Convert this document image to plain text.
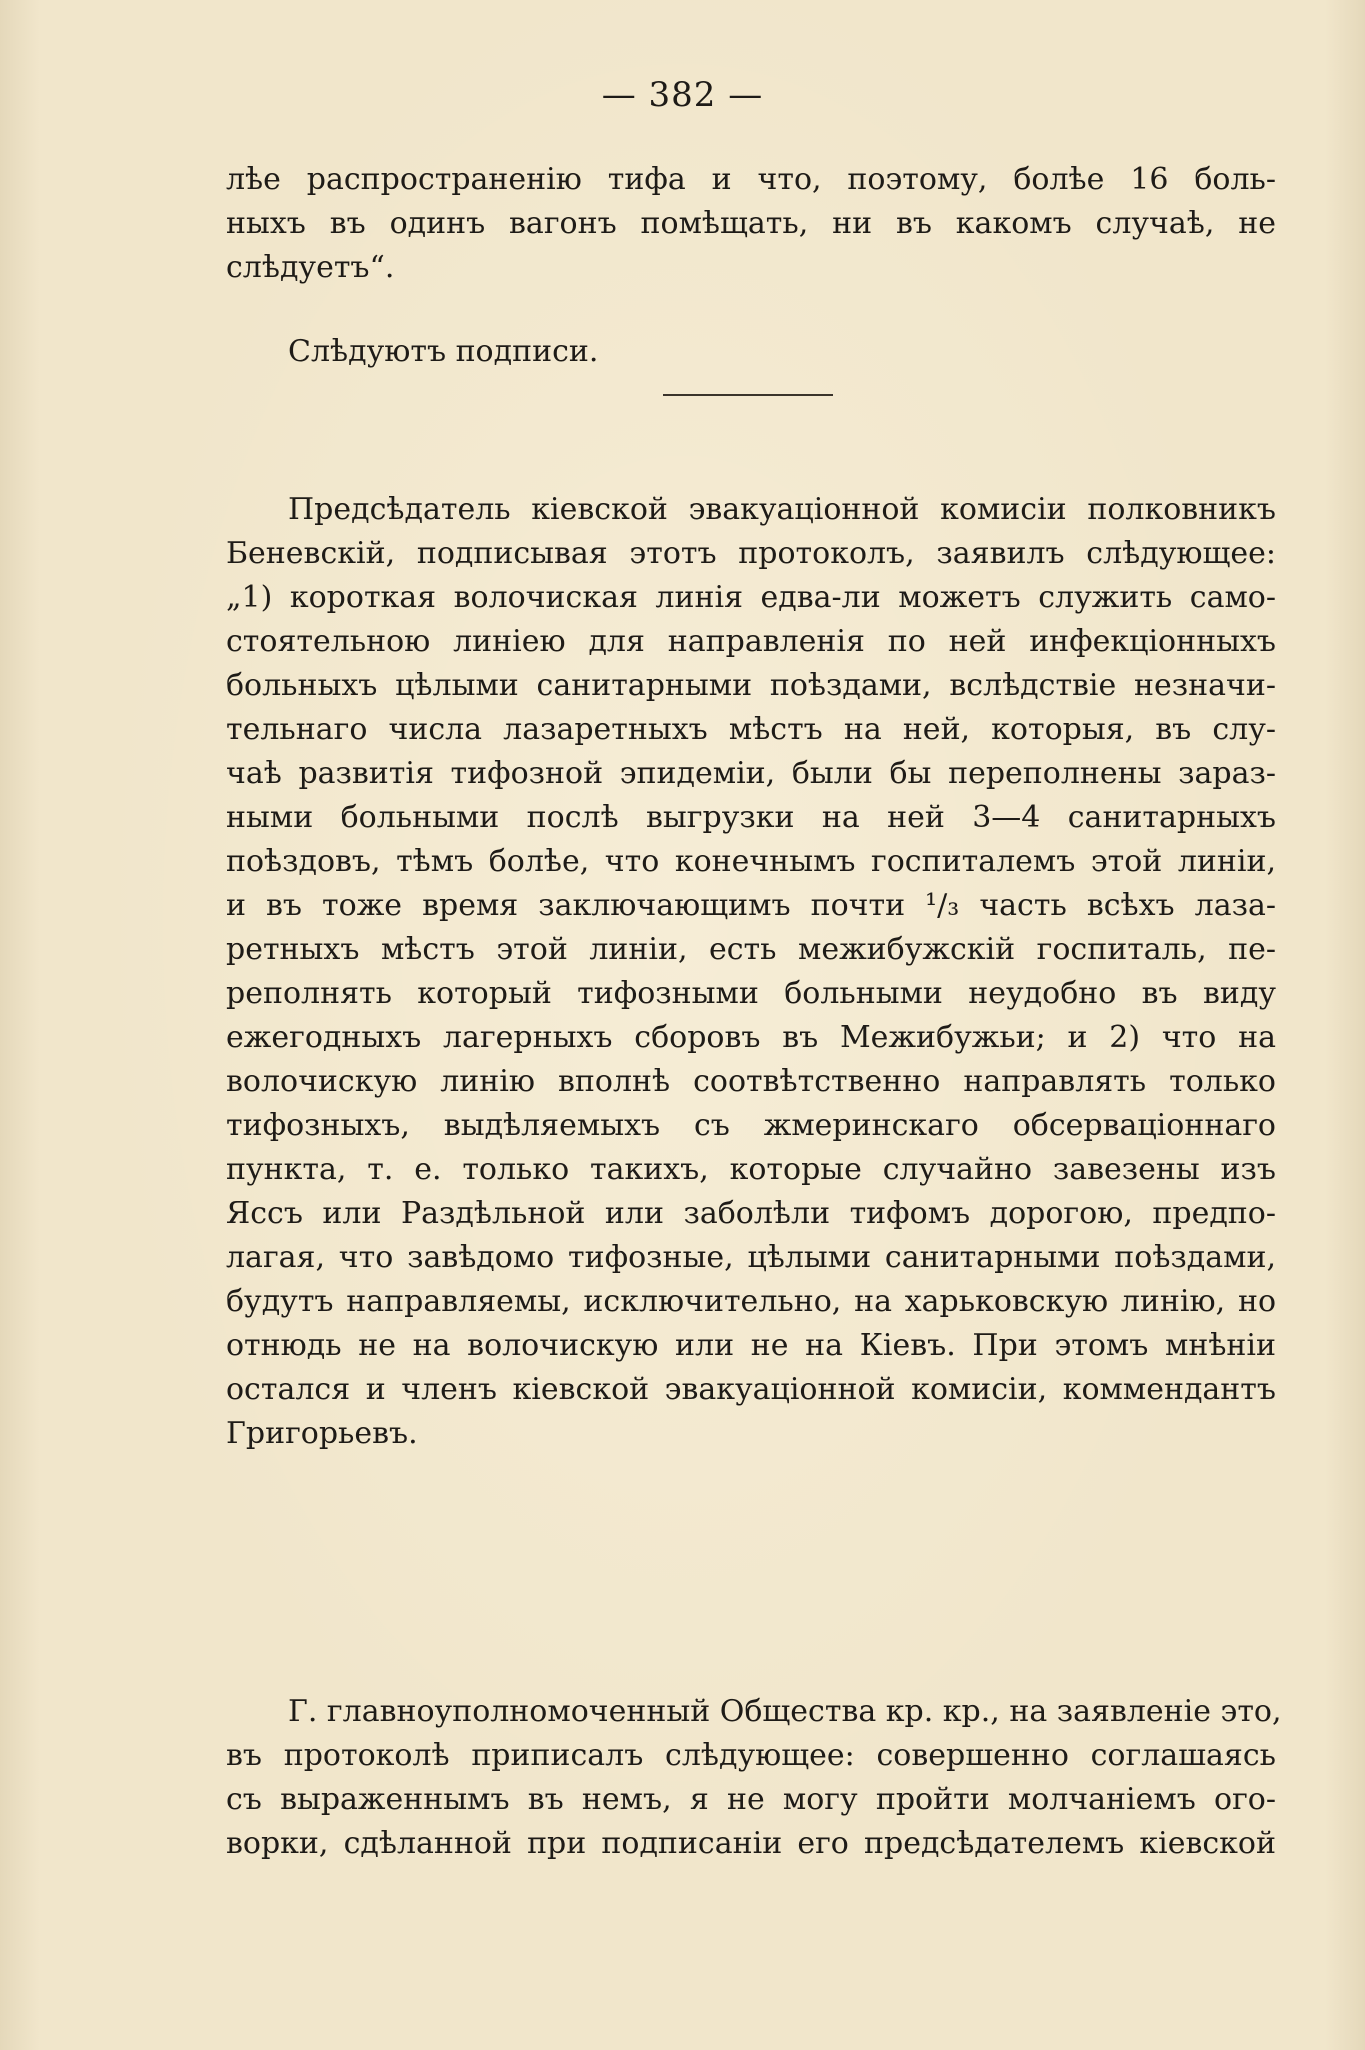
— 382 —
лѣе распространенію тифа и что, поэтому, болѣе 16 боль-
ныхъ въ одинъ вагонъ помѣщать, ни въ какомъ случаѣ, не
слѣдуетъ“.
Слѣдуютъ подписи.
Предсѣдатель кіевской эвакуаціонной комисіи полковникъ
Беневскій, подписывая этотъ протоколъ, заявилъ слѣдующее:
„1) короткая волочиская линія едва-ли можетъ служить само-
стоятельною линіею для направленія по ней инфекціонныхъ
больныхъ цѣлыми санитарными поѣздами, вслѣдствіе незначи-
тельнаго числа лазаретныхъ мѣстъ на ней, которыя, въ слу-
чаѣ развитія тифозной эпидеміи, были бы переполнены зараз-
ными больными послѣ выгрузки на ней 3—4 санитарныхъ
поѣздовъ, тѣмъ болѣе, что конечнымъ госпиталемъ этой линіи,
и въ тоже время заключающимъ почти ¹/₃ часть всѣхъ лаза-
ретныхъ мѣстъ этой линіи, есть межибужскій госпиталь, пе-
реполнять который тифозными больными неудобно въ виду
ежегодныхъ лагерныхъ сборовъ въ Межибужьи; и 2) что на
волочискую линію вполнѣ соотвѣтственно направлять только
тифозныхъ, выдѣляемыхъ съ жмеринскаго обсерваціоннаго
пункта, т. е. только такихъ, которые случайно завезены изъ
Яссъ или Раздѣльной или заболѣли тифомъ дорогою, предпо-
лагая, что завѣдомо тифозные, цѣлыми санитарными поѣздами,
будутъ направляемы, исключительно, на харьковскую линію, но
отнюдь не на волочискую или не на Кіевъ. При этомъ мнѣніи
остался и членъ кіевской эвакуаціонной комисіи, коммендантъ
Григорьевъ.
Г. главноуполномоченный Общества кр. кр., на заявленіе это,
въ протоколѣ приписалъ слѣдующее: совершенно соглашаясь
съ выраженнымъ въ немъ, я не могу пройти молчаніемъ ого-
ворки, сдѣланной при подписаніи его предсѣдателемъ кіевской
